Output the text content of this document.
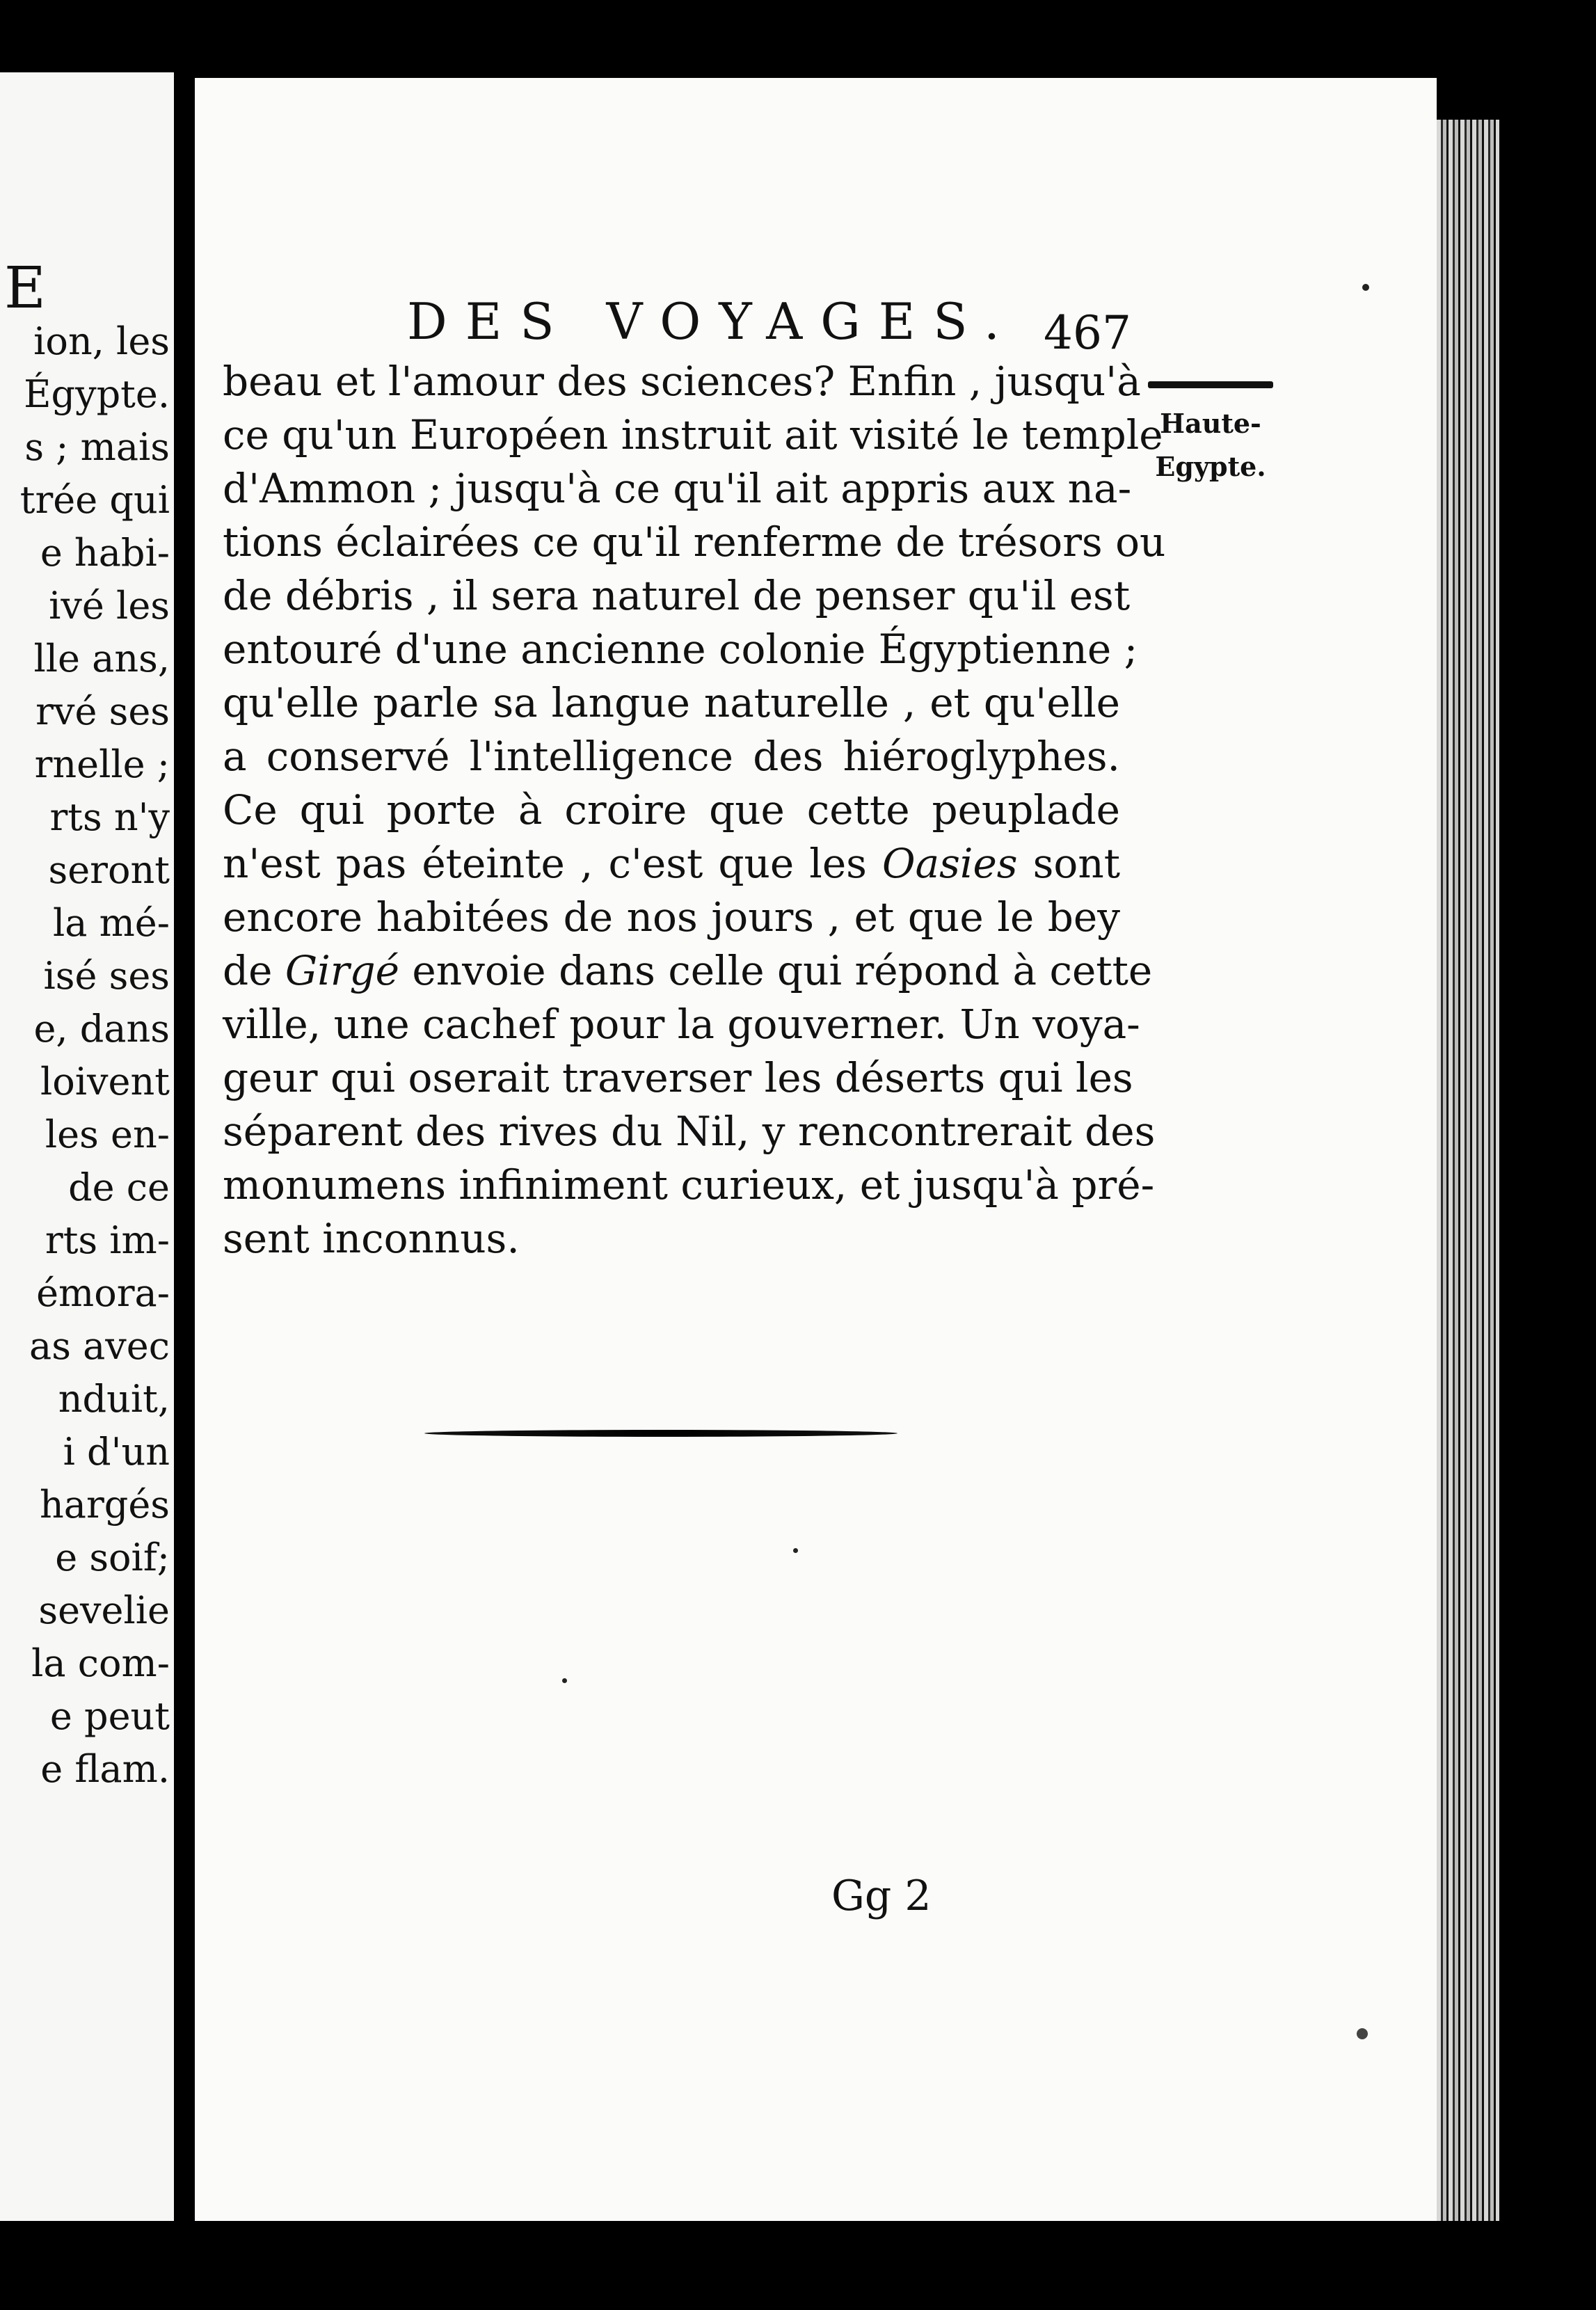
E
ion, les
Égypte.
s ; mais
trée qui
e habi-
ivé les
lle ans,
rvé ses
rnelle ;
rts n'y
seront
la mé-
isé ses
e, dans
loivent
les en-
de ce
rts im-
émora-
as avec
nduit,
i d'un
hargés
e soif;
sevelie
la com-
e peut
e flam.
DES VOYAGES. 467
beau et l'amour des sciences? Enfin , jusqu'à
ce qu'un Européen instruit ait visité le temple
d'Ammon ; jusqu'à ce qu'il ait appris aux na-
tions éclairées ce qu'il renferme de trésors ou
de débris , il sera naturel de penser qu'il est
entouré d'une ancienne colonie Égyptienne ;
qu'elle parle sa langue naturelle , et qu'elle
a conservé l'intelligence des hiéroglyphes.
Ce qui porte à croire que cette peuplade
n'est pas éteinte , c'est que les Oasies sont
encore habitées de nos jours , et que le bey
de Girgé envoie dans celle qui répond à cette
ville, une cachef pour la gouverner. Un voya-
geur qui oserait traverser les déserts qui les
séparent des rives du Nil, y rencontrerait des
monumens infiniment curieux, et jusqu'à pré-
sent inconnus.
Haute-
Egypte.
Gg 2
